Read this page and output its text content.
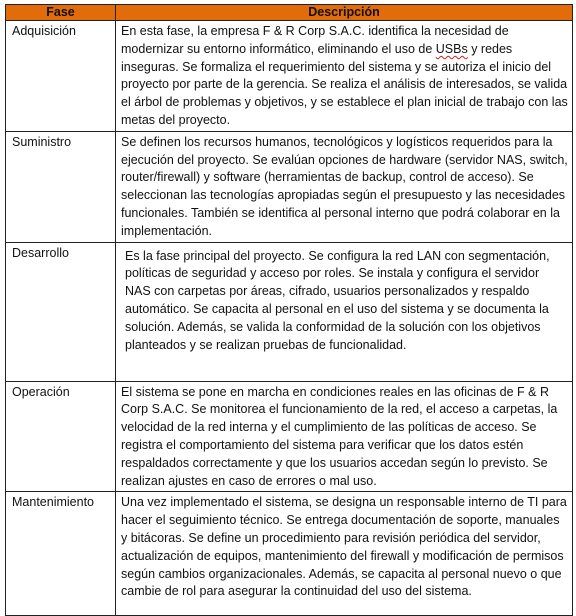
Fase	Descripción
Adquisición	En esta fase, la empresa F & R Corp S.A.C. identifica la necesidad de modernizar su entorno informático, eliminando el uso de USBs y redes inseguras. Se formaliza el requerimiento del sistema y se autoriza el inicio del proyecto por parte de la gerencia. Se realiza el análisis de interesados, se valida el árbol de problemas y objetivos, y se establece el plan inicial de trabajo con las metas del proyecto.
Suministro	Se definen los recursos humanos, tecnológicos y logísticos requeridos para la ejecución del proyecto. Se evalúan opciones de hardware (servidor NAS, switch, router/firewall) y software (herramientas de backup, control de acceso). Se seleccionan las tecnologías apropiadas según el presupuesto y las necesidades funcionales. También se identifica al personal interno que podrá colaborar en la implementación.
Desarrollo	Es la fase principal del proyecto. Se configura la red LAN con segmentación, políticas de seguridad y acceso por roles. Se instala y configura el servidor NAS con carpetas por áreas, cifrado, usuarios personalizados y respaldo automático. Se capacita al personal en el uso del sistema y se documenta la solución. Además, se valida la conformidad de la solución con los objetivos planteados y se realizan pruebas de funcionalidad.
Operación	El sistema se pone en marcha en condiciones reales en las oficinas de F & R Corp S.A.C. Se monitorea el funcionamiento de la red, el acceso a carpetas, la velocidad de la red interna y el cumplimiento de las políticas de acceso. Se registra el comportamiento del sistema para verificar que los datos estén respaldados correctamente y que los usuarios accedan según lo previsto. Se realizan ajustes en caso de errores o mal uso.
Mantenimiento	Una vez implementado el sistema, se designa un responsable interno de TI para hacer el seguimiento técnico. Se entrega documentación de soporte, manuales y bitácoras. Se define un procedimiento para revisión periódica del servidor, actualización de equipos, mantenimiento del firewall y modificación de permisos según cambios organizacionales. Además, se capacita al personal nuevo o que cambie de rol para asegurar la continuidad del uso del sistema.
